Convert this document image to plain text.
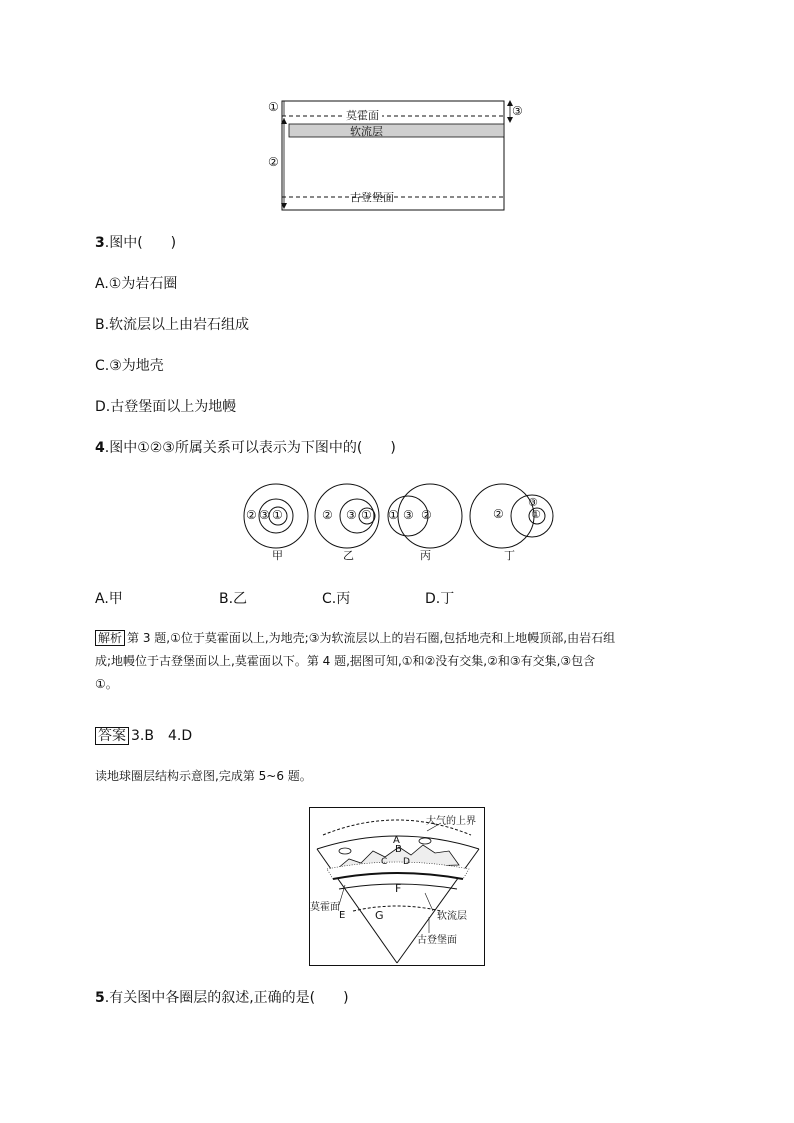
①
②
③
莫霍面
软流层
古登堡面
3.图中(　　)
A.①为岩石圈
B.软流层以上由岩石组成
C.③为地壳
D.古登堡面以上为地幔
4.图中①②③所属关系可以表示为下图中的(　　)
② ③ ①	② ③ ① ① ③ ②	②
③
①
甲	乙	丙	丁
A.甲	B.乙	C.丙	D.丁
解析 第 3 题,①位于莫霍面以上,为地壳;③为软流层以上的岩石圈,包括地壳和上地幔顶部,由岩石组
成;地幔位于古登堡面以上,莫霍面以下。第 4 题,据图可知,①和②没有交集,②和③有交集,③包含
①。
答案 3.B　4.D
读地球圈层结构示意图,完成第 5~6 题。
大气的上界
A
B
C D
F
莫霍面
E	G	软流层
古登堡面
5.有关图中各圈层的叙述,正确的是(　　)
